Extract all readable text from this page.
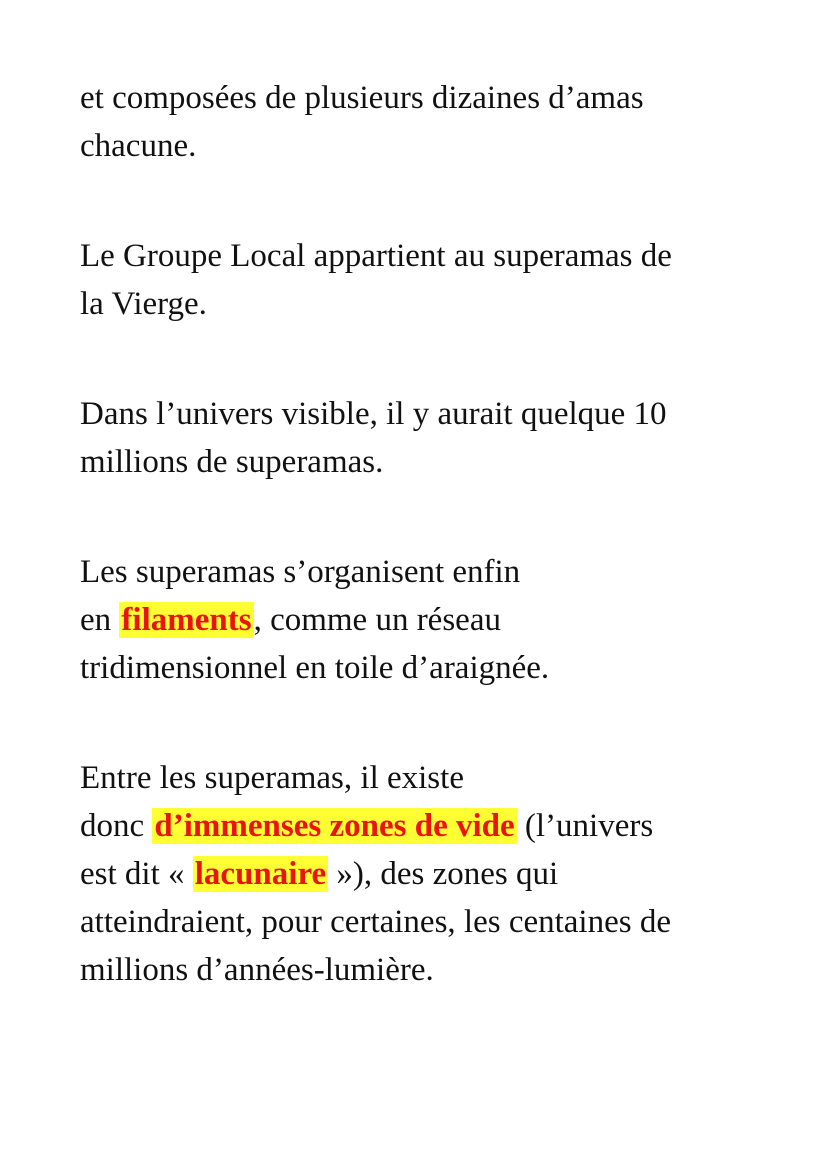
et composées de plusieurs dizaines d’amas
chacune.

Le Groupe Local appartient au superamas de
la Vierge.

Dans l’univers visible, il y aurait quelque 10
millions de superamas.

Les superamas s’organisent enfin
en filaments, comme un réseau
tridimensionnel en toile d’araignée.

Entre les superamas, il existe
donc d’immenses zones de vide (l’univers
est dit « lacunaire »), des zones qui
atteindraient, pour certaines, les centaines de
millions d’années-lumière.
